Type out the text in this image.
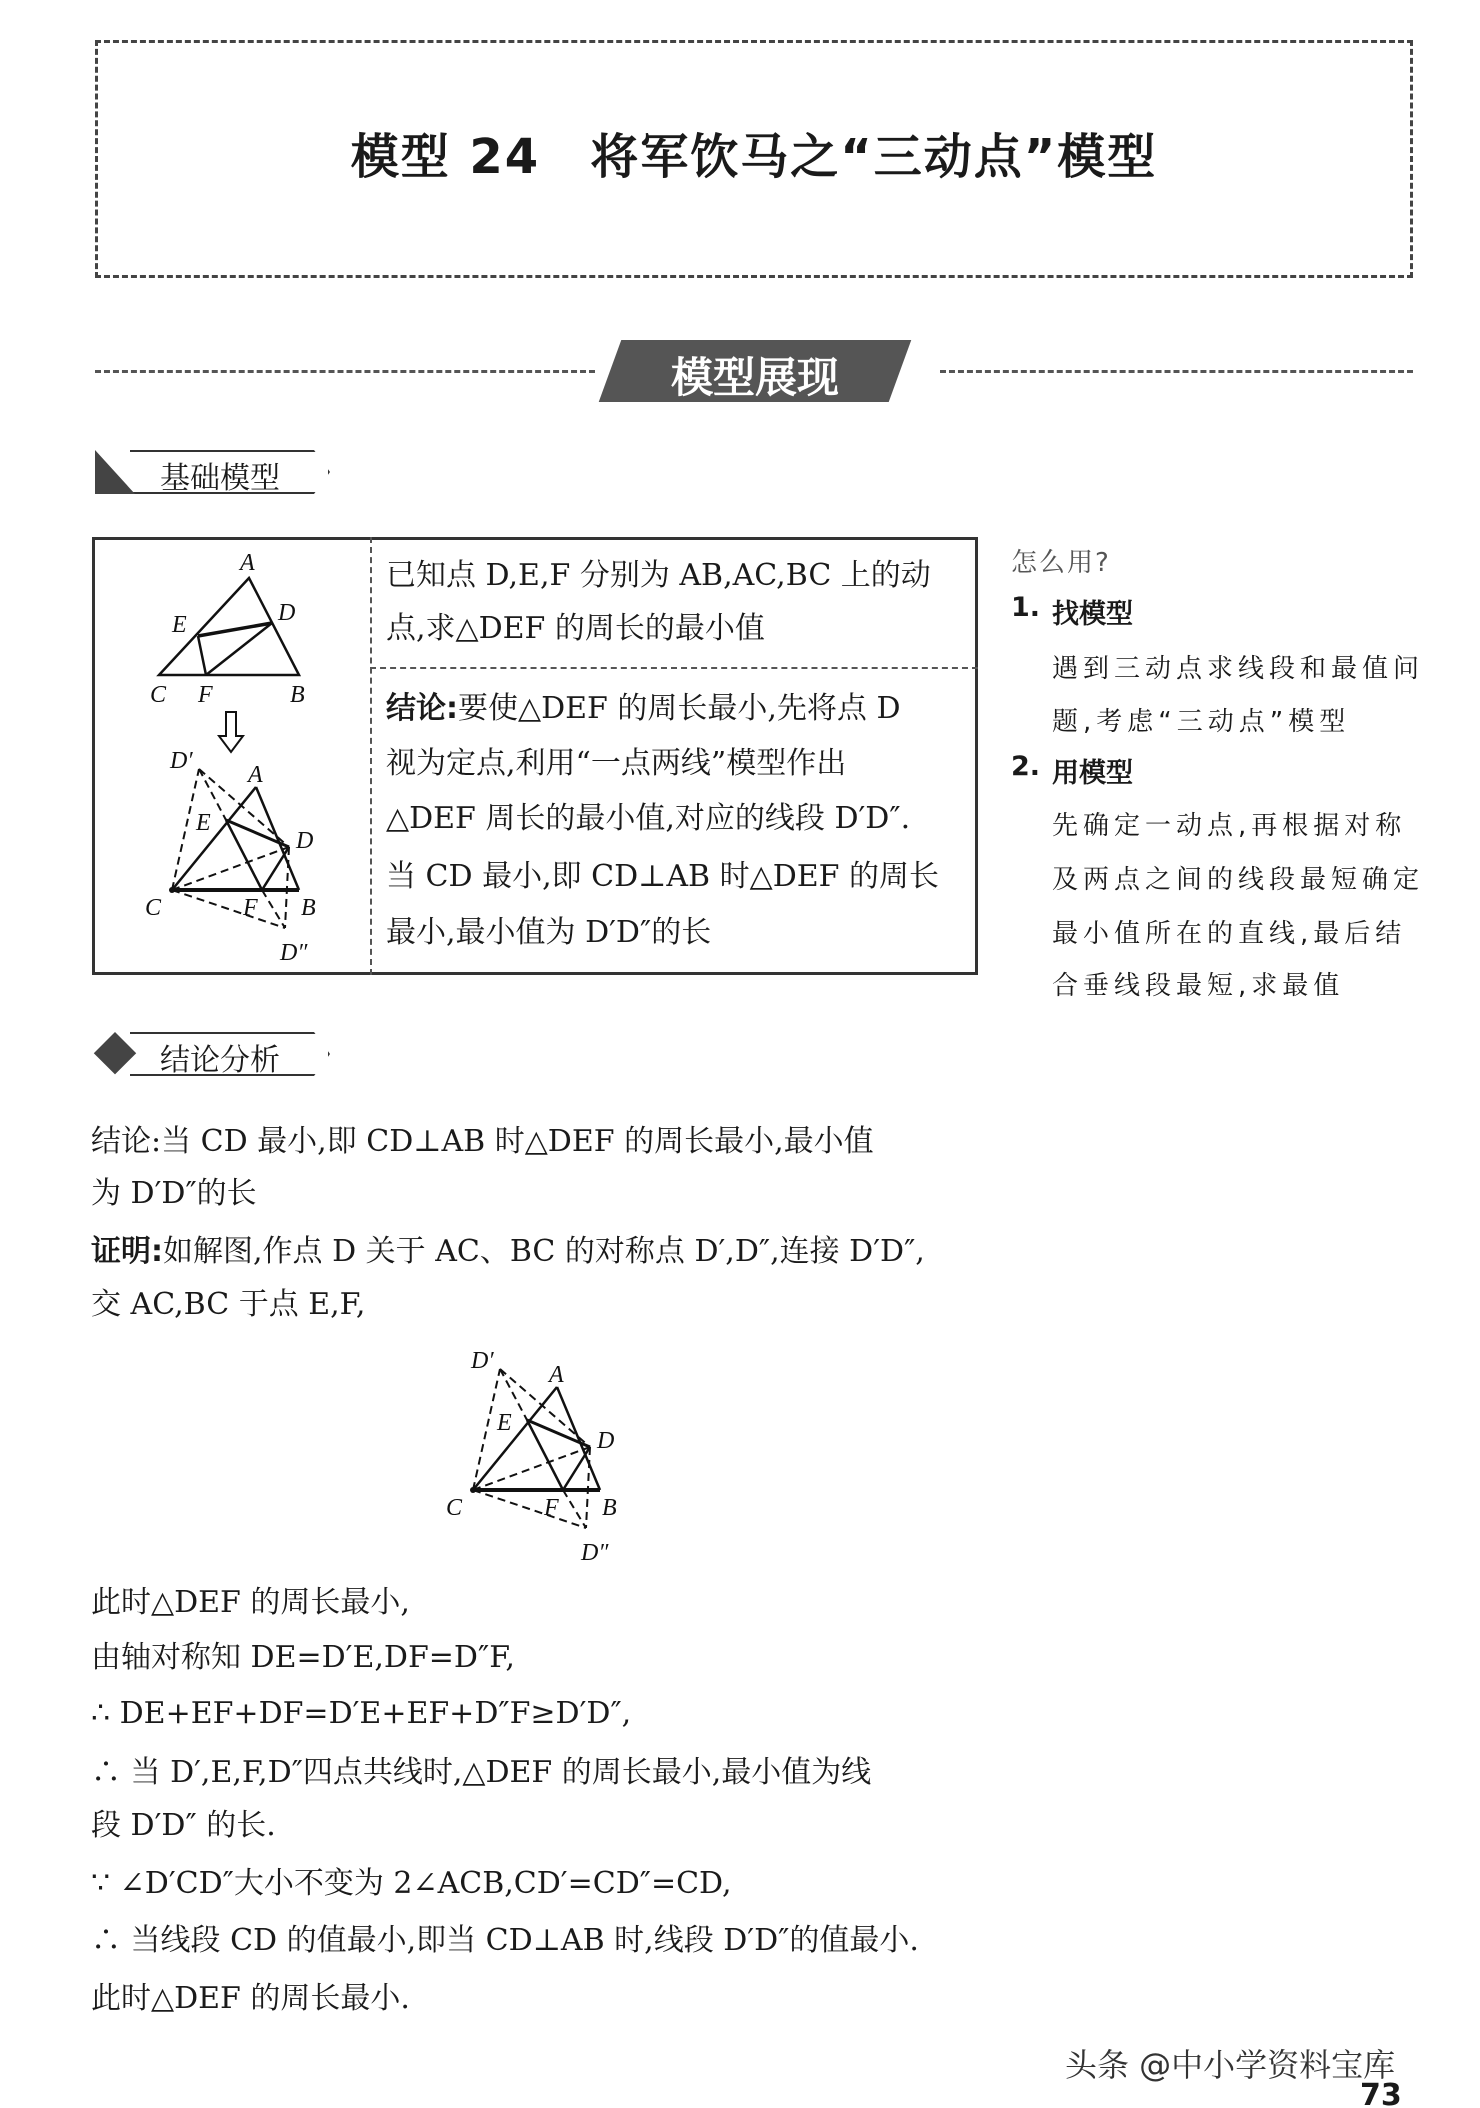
模型 24　将军饮马之“三动点”模型
模型展现
基础模型
已知点 D,E,F 分别为 AB,AC,BC 上的动
点,求△DEF 的周长的最小值
结论:要使△DEF 的周长最小,先将点 D
视为定点,利用“一点两线”模型作出
△DEF 周长的最小值,对应的线段 D′D″.
当 CD 最小,即 CD⊥AB 时△DEF 的周长
最小,最小值为 D′D″的长
A
E	D
C F	B
D′
A
E
D
C	F B
D″
D′
A
E
D
C	F B
D″
怎么用?
1. 找模型
遇到三动点求线段和最值问
题,考虑“三动点”模型
2. 用模型
先确定一动点,再根据对称
及两点之间的线段最短确定
最小值所在的直线,最后结
合垂线段最短,求最值
结论分析
结论:当 CD 最小,即 CD⊥AB 时△DEF 的周长最小,最小值
为 D′D″的长
证明:如解图,作点 D 关于 AC、BC 的对称点 D′,D″,连接 D′D″,
交 AC,BC 于点 E,F,
此时△DEF 的周长最小,
由轴对称知 DE=D′E,DF=D″F,
∴ DE+EF+DF=D′E+EF+D″F≥D′D″,
∴ 当 D′,E,F,D″四点共线时,△DEF 的周长最小,最小值为线
段 D′D″ 的长.
∵ ∠D′CD″大小不变为 2∠ACB,CD′=CD″=CD,
∴ 当线段 CD 的值最小,即当 CD⊥AB 时,线段 D′D″的值最小.
此时△DEF 的周长最小.
头条 @中小学资料宝库
73
